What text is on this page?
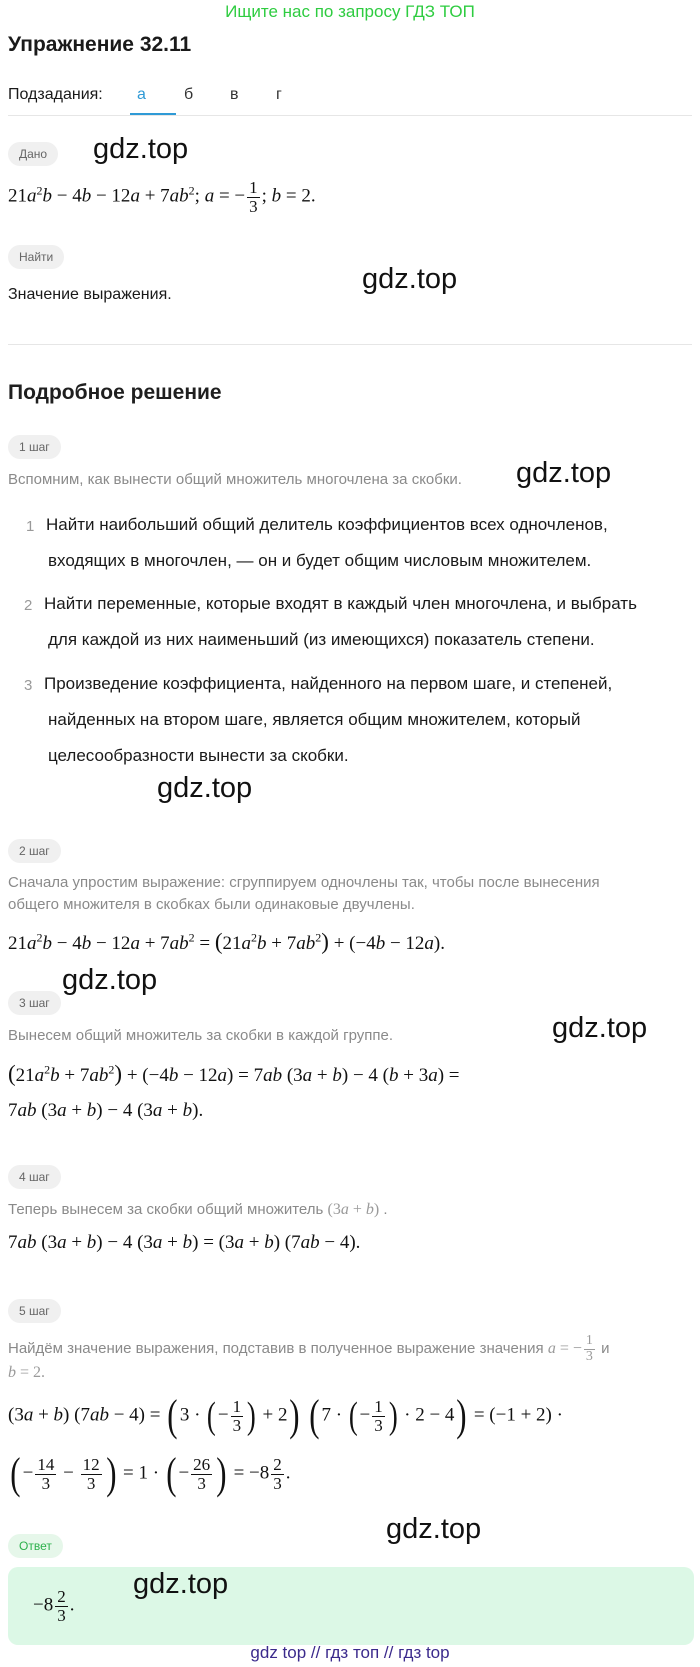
Ищите нас по запросу ГДЗ ТОП
Упражнение 32.11
Подзадания: а б в г
Дано	gdz.top
$21a^2b - 4b - 12a + 7ab^2$; a = − $\frac{1}{3}$ ; b = 2.
Найти
Значение выражения.	gdz.top
Подробное решение
1 шаг
Вспомним, как вынести общий множитель многочлена за скобки. gdz.top
1 Найти наибольший общий делитель коэффициентов всех одночленов,
входящих в многочлен, — он и будет общим числовым множителем.
2 Найти переменные, которые входят в каждый член многочлена, и выбрать
для каждой из них наименьший (из имеющихся) показатель степени.
3 Произведение коэффициента, найденного на первом шаге, и степеней,
найденных на втором шаге, является общим множителем, который
целесообразности вынести за скобки.
gdz.top
2 шаг
Сначала упростим выражение: сгруппируем одночлены так, чтобы после вынесения
общего множителя в скобках были одинаковые двучлены.
$21a^2b - 4b - 12a + 7ab^2 = (21a^2b + 7ab^2) + (-4b - 12a)$.
gdz.top
3 шаг
Вынесем общий множитель за скобки в каждой группе.	gdz.top
$(21a^2b + 7ab^2) + (-4b - 12a) = 7ab$ (3a + b) − 4 (b + 3a) =
7ab (3a + b) − 4 (3a + b).
4 шаг
Теперь вынесем за скобки общий множитель (3a + b) .
7ab (3a + b) − 4 (3a + b) = (3a + b) (7ab − 4).
5 шаг
Найдём значение выражения, подставив в полученное выражение значения a = − $\frac{1}{3}$ и
b = 2.
(3a + b) (7ab − 4) = ( 3 · (− $\frac{1}{3}$ ) + 2) ( 7 · (− $\frac{1}{3}$ ) · 2 − 4) = (−1 + 2) ·
( − $\frac{14}{3} - \frac{12}{3}$ ) = 1 · ( − $\frac{26}{3}$ ) = $-8 \frac{2}{3}$ .
gdz.top
Ответ
$-8 \frac{2}{3}$ .
gdz.top
gdz top // гдз топ // гдз top
